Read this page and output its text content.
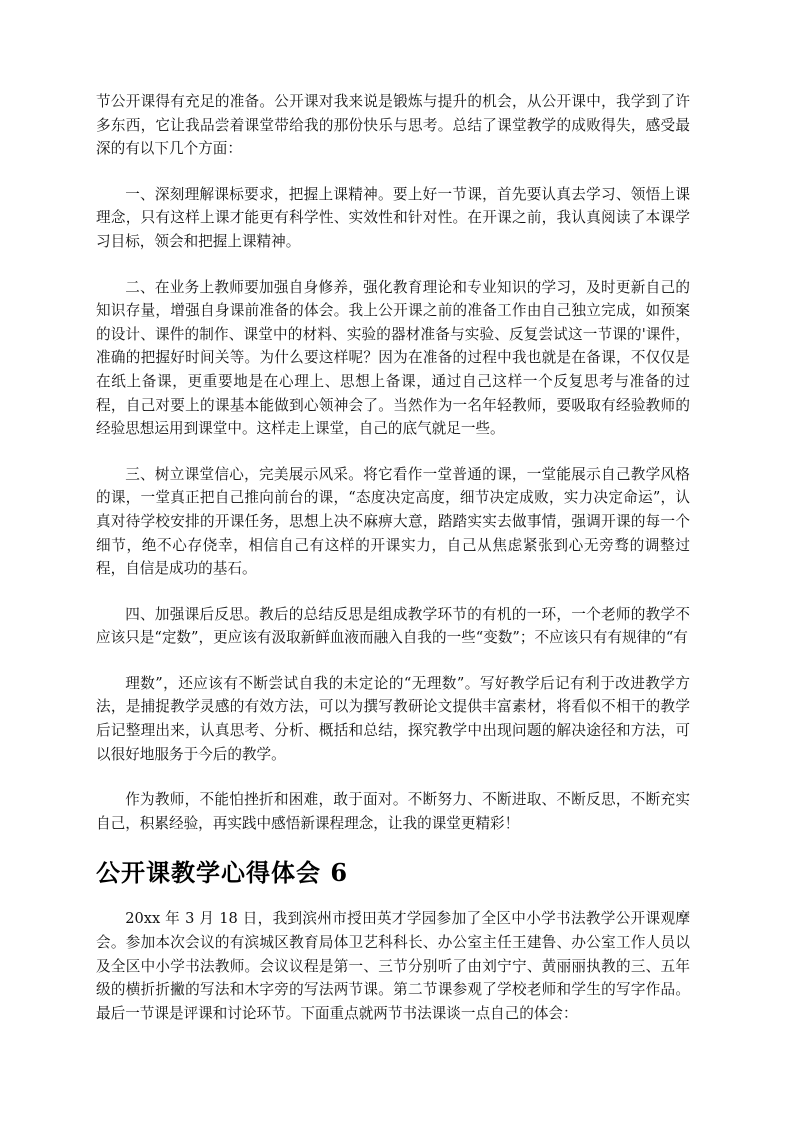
节公开课得有充足的准备。公开课对我来说是锻炼与提升的机会，从公开课中，我学到了许多东西，它让我品尝着课堂带给我的那份快乐与思考。总结了课堂教学的成败得失，感受最深的有以下几个方面：

一、深刻理解课标要求，把握上课精神。要上好一节课，首先要认真去学习、领悟上课理念，只有这样上课才能更有科学性、实效性和针对性。在开课之前，我认真阅读了本课学习目标，领会和把握上课精神。

二、在业务上教师要加强自身修养，强化教育理论和专业知识的学习，及时更新自己的知识存量，增强自身课前准备的体会。我上公开课之前的准备工作由自己独立完成，如预案的设计、课件的制作、课堂中的材料、实验的器材准备与实验、反复尝试这一节课的'课件，准确的把握好时间关等。为什么要这样呢？因为在准备的过程中我也就是在备课，不仅仅是在纸上备课，更重要地是在心理上、思想上备课，通过自己这样一个反复思考与准备的过程，自己对要上的课基本能做到心领神会了。当然作为一名年轻教师，要吸取有经验教师的经验思想运用到课堂中。这样走上课堂，自己的底气就足一些。

三、树立课堂信心，完美展示风采。将它看作一堂普通的课，一堂能展示自己教学风格的课，一堂真正把自己推向前台的课，“态度决定高度，细节决定成败，实力决定命运”，认真对待学校安排的开课任务，思想上决不麻痹大意，踏踏实实去做事情，强调开课的每一个细节，绝不心存侥幸，相信自己有这样的开课实力，自己从焦虑紧张到心无旁骛的调整过程，自信是成功的基石。

四、加强课后反思。教后的总结反思是组成教学环节的有机的一环，一个老师的教学不应该只是“定数”，更应该有汲取新鲜血液而融入自我的一些“变数”；不应该只有有规律的“有

理数”，还应该有不断尝试自我的未定论的“无理数”。写好教学后记有利于改进教学方法，是捕捉教学灵感的有效方法，可以为撰写教研论文提供丰富素材，将看似不相干的教学后记整理出来，认真思考、分析、概括和总结，探究教学中出现问题的解决途径和方法，可以很好地服务于今后的教学。

作为教师，不能怕挫折和困难，敢于面对。不断努力、不断进取、不断反思，不断充实自己，积累经验，再实践中感悟新课程理念，让我的课堂更精彩！

公开课教学心得体会 6

20xx 年 3 月 18 日，我到滨州市授田英才学园参加了全区中小学书法教学公开课观摩会。参加本次会议的有滨城区教育局体卫艺科科长、办公室主任王建鲁、办公室工作人员以及全区中小学书法教师。会议议程是第一、三节分别听了由刘宁宁、黄丽丽执教的三、五年级的横折折撇的写法和木字旁的写法两节课。第二节课参观了学校老师和学生的写字作品。最后一节课是评课和讨论环节。下面重点就两节书法课谈一点自己的体会：
